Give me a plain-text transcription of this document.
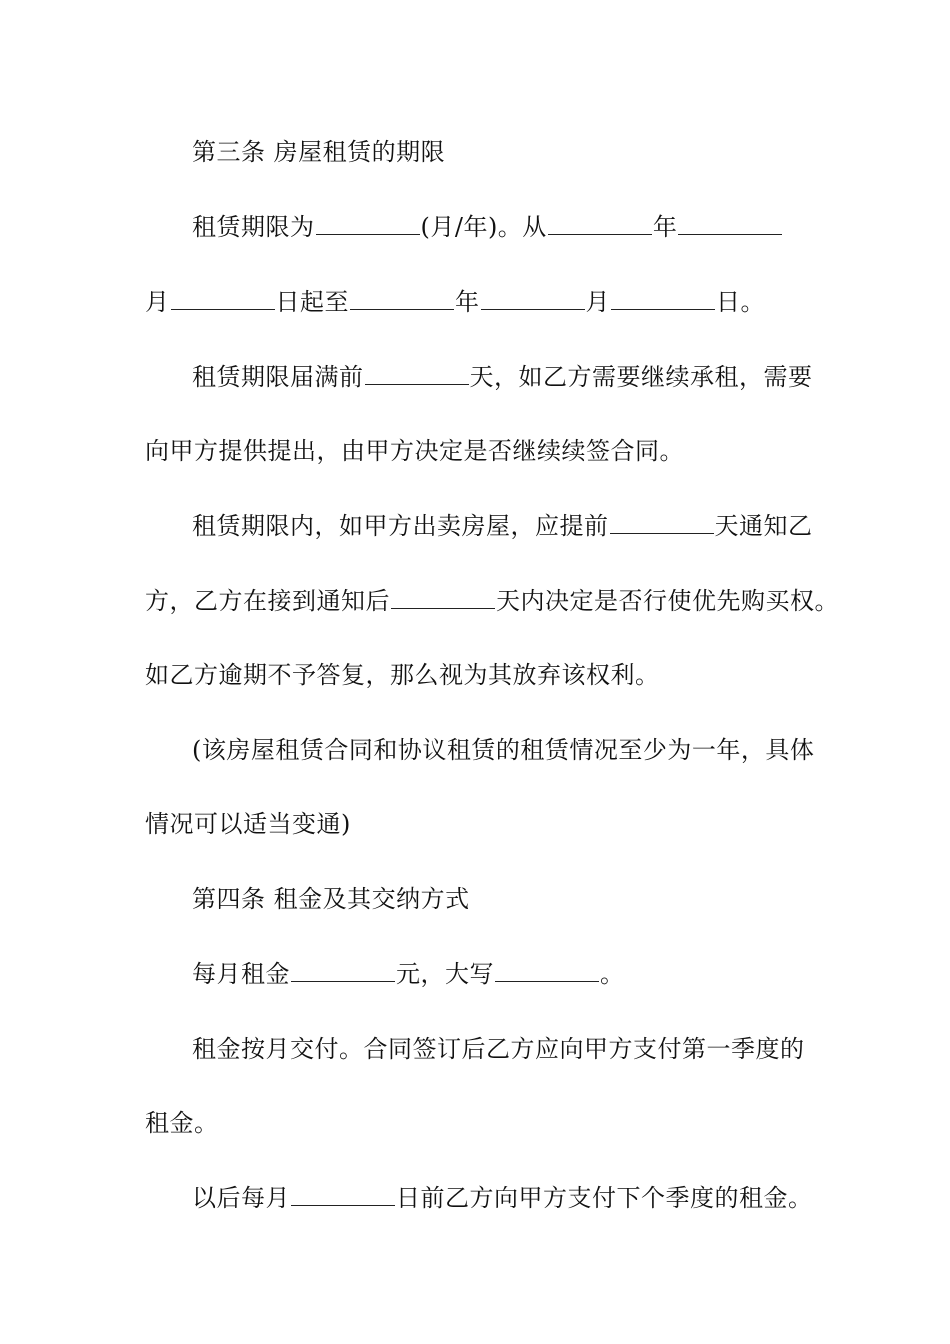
第三条 房屋租赁的期限
租赁期限为	(月/年)。从	年
月	日起至	年	月	日。
租赁期限届满前	天，如乙方需要继续承租，需要
向甲方提供提出，由甲方决定是否继续续签合同。
租赁期限内，如甲方出卖房屋，应提前	天通知乙
方，乙方在接到通知后	天内决定是否行使优先购买权。
如乙方逾期不予答复，那么视为其放弃该权利。
(该房屋租赁合同和协议租赁的租赁情况至少为一年，具体
情况可以适当变通)
第四条 租金及其交纳方式
每月租金	元，大写	。
租金按月交付。合同签订后乙方应向甲方支付第一季度的
租金。
以后每月	日前乙方向甲方支付下个季度的租金。
